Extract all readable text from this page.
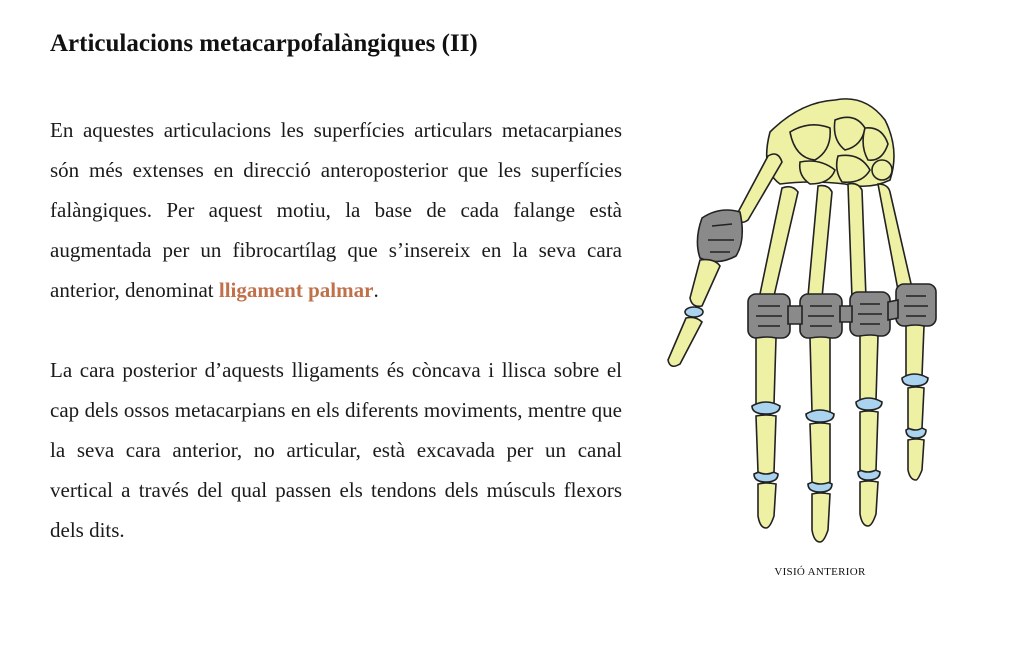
Articulacions metacarpofalàngiques (II)

En aquestes articulacions les superfícies articulars metacarpianes són més extenses en direcció anteroposterior que les superfícies falàngiques. Per aquest motiu, la base de cada falange està augmentada per un fibrocartílag que s’insereix en la seva cara anterior, denominat lligament palmar.

La cara posterior d’aquests lligaments és còncava i llisca sobre el cap dels ossos metacarpians en els diferents moviments, mentre que la seva cara anterior, no articular, està excavada per un canal vertical a través del qual passen els tendons dels músculs flexors dels dits.

VISIÓ ANTERIOR
